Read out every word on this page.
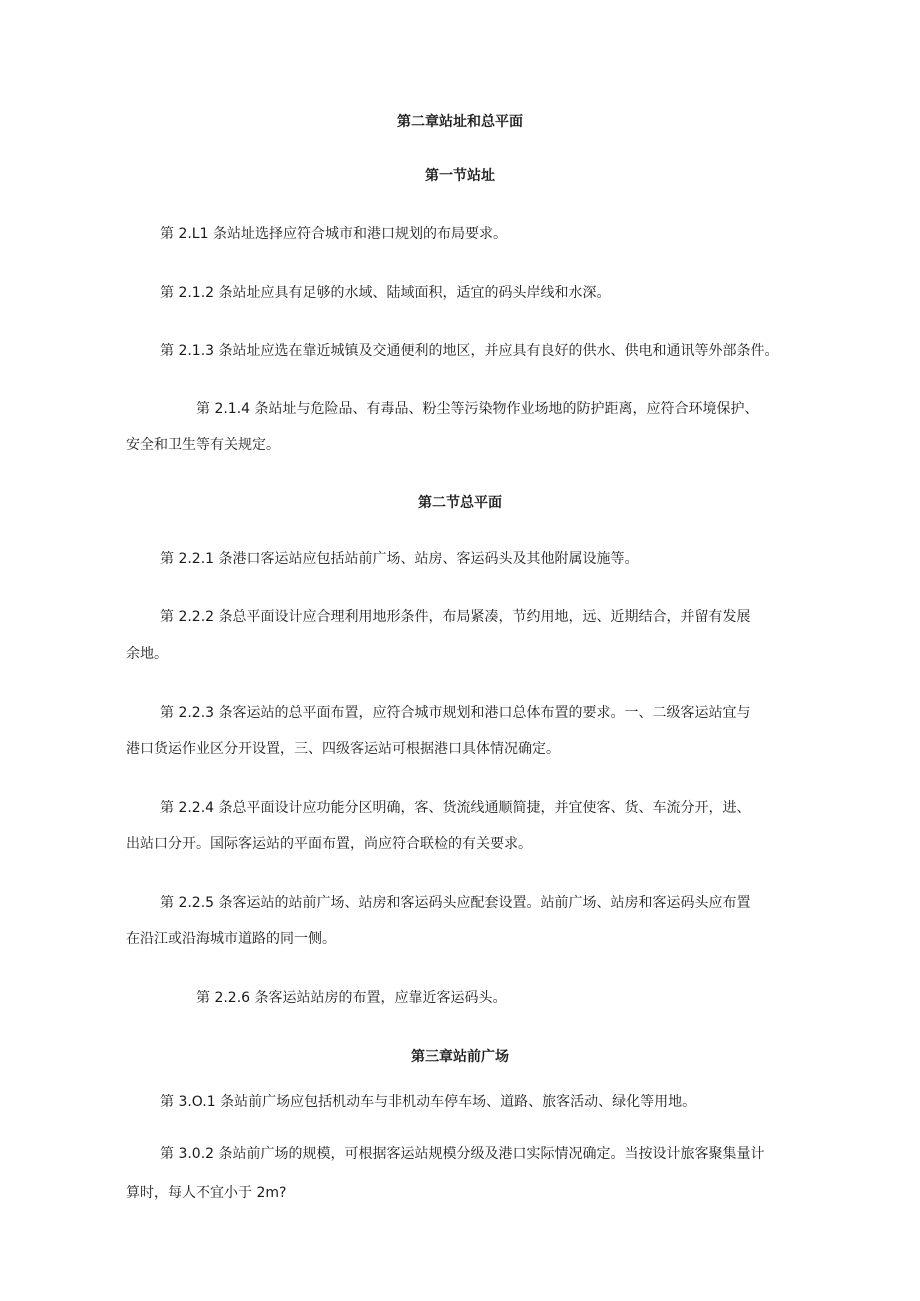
第二章站址和总平面
第一节站址
第 2.L1 条站址选择应符合城市和港口规划的布局要求。
第 2.1.2 条站址应具有足够的水域、陆域面积，适宜的码头岸线和水深。
第 2.1.3 条站址应选在靠近城镇及交通便利的地区，并应具有良好的供水、供电和通讯等外部条件。
第 2.1.4 条站址与危险品、有毒品、粉尘等污染物作业场地的防护距离，应符合环境保护、
安全和卫生等有关规定。
第二节总平面
第 2.2.1 条港口客运站应包括站前广场、站房、客运码头及其他附属设施等。
第 2.2.2 条总平面设计应合理利用地形条件，布局紧凑，节约用地，远、近期结合，并留有发展
余地。
第 2.2.3 条客运站的总平面布置，应符合城市规划和港口总体布置的要求。一、二级客运站宜与
港口货运作业区分开设置，三、四级客运站可根据港口具体情况确定。
第 2.2.4 条总平面设计应功能分区明确，客、货流线通顺简捷，并宜使客、货、车流分开，进、
出站口分开。国际客运站的平面布置，尚应符合联检的有关要求。
第 2.2.5 条客运站的站前广场、站房和客运码头应配套设置。站前广场、站房和客运码头应布置
在沿江或沿海城市道路的同一侧。
第 2.2.6 条客运站站房的布置，应靠近客运码头。
第三章站前广场
第 3.O.1 条站前广场应包括机动车与非机动车停车场、道路、旅客活动、绿化等用地。
第 3.0.2 条站前广场的规模，可根据客运站规模分级及港口实际情况确定。当按设计旅客聚集量计
算时，每人不宜小于 2m?
